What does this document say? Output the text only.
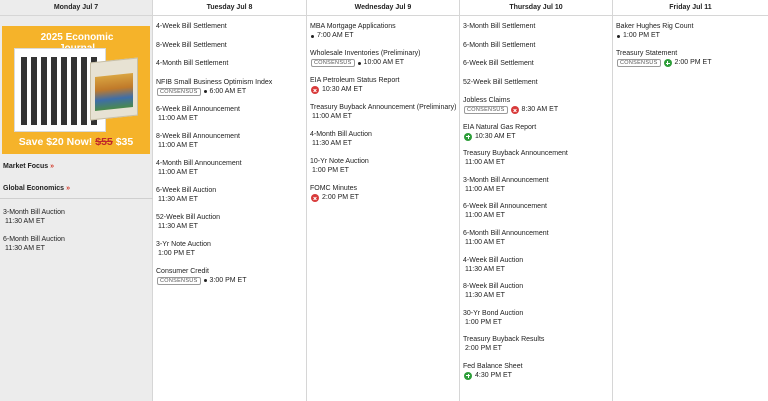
Monday Jul 7
2025 Economic
Save $20 Now! $55 $35
Market Focus »
Global Economics »
3-Month Bill Auction
11:30 AM ET
6-Month Bill Auction
11:30 AM ET
Tuesday Jul 8
4-Week Bill Settlement
8-Week Bill Settlement
4-Month Bill Settlement
NFIB Small Business Optimism Index
CONSENSUS	6:00 AM ET
6-Week Bill Announcement
11:00 AM ET
8-Week Bill Announcement
11:00 AM ET
4-Month Bill Announcement
11:00 AM ET
6-Week Bill Auction
11:30 AM ET
52-Week Bill Auction
11:30 AM ET
3-Yr Note Auction
1:00 PM ET
Consumer Credit
CONSENSUS	3:00 PM ET
Wednesday Jul 9
MBA Mortgage Applications
7:00 AM ET
Wholesale Inventories (Preliminary)
CONSENSUS	10:00 AM ET
EIA Petroleum Status Report
10:30 AM ET
Treasury Buyback Announcement (Preliminary)
11:00 AM ET
4-Month Bill Auction
11:30 AM ET
10-Yr Note Auction
1:00 PM ET
FOMC Minutes
2:00 PM ET
Thursday Jul 10
3-Month Bill Settlement
6-Month Bill Settlement
6-Week Bill Settlement
52-Week Bill Settlement
Jobless Claims
CONSENSUS	8:30 AM ET
EIA Natural Gas Report
10:30 AM ET
Treasury Buyback Announcement
11:00 AM ET
3-Month Bill Announcement
11:00 AM ET
6-Week Bill Announcement
11:00 AM ET
6-Month Bill Announcement
11:00 AM ET
4-Week Bill Auction
11:30 AM ET
8-Week Bill Auction
11:30 AM ET
30-Yr Bond Auction
1:00 PM ET
Treasury Buyback Results
2:00 PM ET
Fed Balance Sheet
4:30 PM ET
Friday Jul 11
Baker Hughes Rig Count
1:00 PM ET
Treasury Statement
CONSENSUS	2:00 PM ET
